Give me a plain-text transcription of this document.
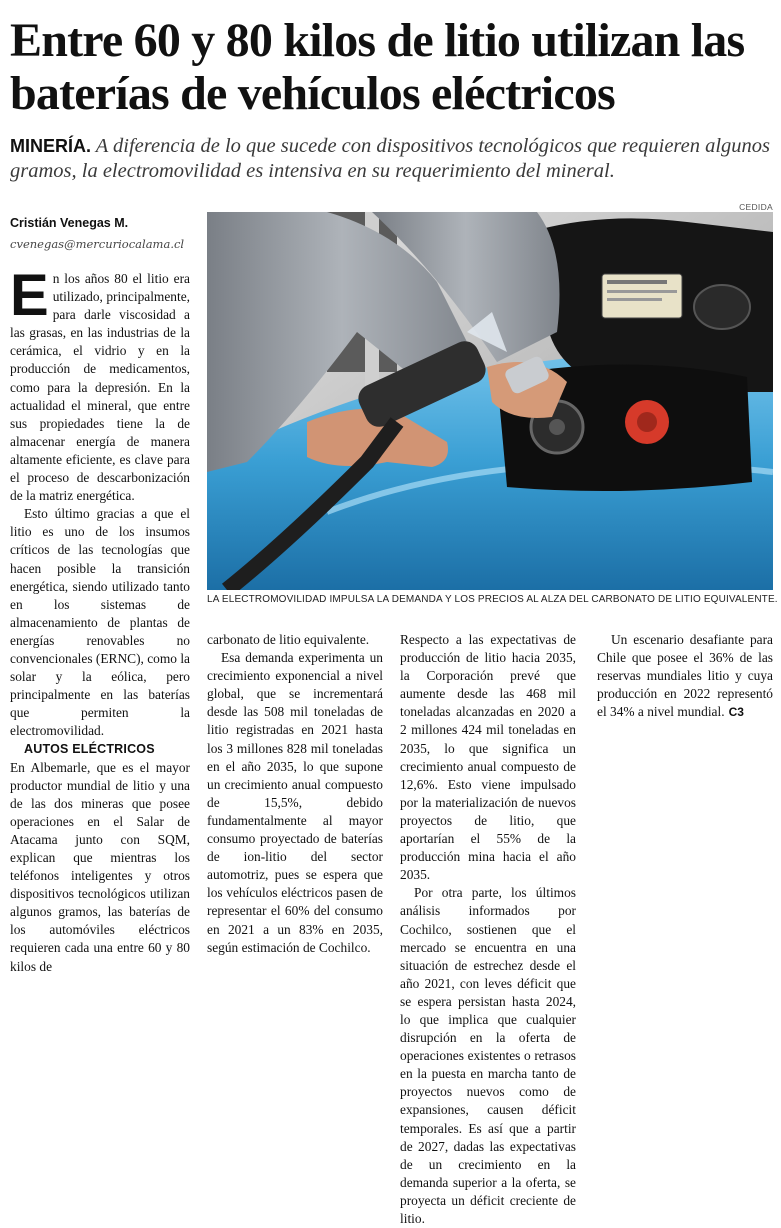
Entre 60 y 80 kilos de litio utilizan las baterías de vehículos eléctricos

MINERÍA. A diferencia de lo que sucede con dispositivos tecnológicos que requieren algunos gramos, la electromovilidad es intensiva en su requerimiento del mineral.

Cristián Venegas M.
cvenegas@mercuriocalama.cl
CEDIDA
LA ELECTROMOVILIDAD IMPULSA LA DEMANDA Y LOS PRECIOS AL ALZA DEL CARBONATO DE LITIO EQUIVALENTE.

En los años 80 el litio era utilizado, principalmente, para darle viscosidad a las grasas, en las industrias de la cerámica, el vidrio y en la producción de medicamentos, como para la depresión. En la actualidad el mineral, que entre sus propiedades tiene la de almacenar energía de manera altamente eficiente, es clave para el proceso de descarbonización de la matriz energética.

Esto último gracias a que el litio es uno de los insumos críticos de las tecnologías que hacen posible la transición energética, siendo utilizado tanto en los sistemas de almacenamiento de plantas de energías renovables no convencionales (ERNC), como la solar y la eólica, pero principalmente en las baterías que permiten la electromovilidad.

AUTOS ELÉCTRICOS

En Albemarle, que es el mayor productor mundial de litio y una de las dos mineras que posee operaciones en el Salar de Atacama junto con SQM, explican que mientras los teléfonos inteligentes y otros dispositivos tecnológicos utilizan algunos gramos, las baterías de los automóviles eléctricos requieren cada una entre 60 y 80 kilos de

carbonato de litio equivalente.

Esa demanda experimenta un crecimiento exponencial a nivel global, que se incrementará desde las 508 mil toneladas de litio registradas en 2021 hasta los 3 millones 828 mil toneladas en el año 2035, lo que supone un crecimiento anual compuesto de 15,5%, debido fundamentalmente al mayor consumo proyectado de baterías de ion-litio del sector automotriz, pues se espera que los vehículos eléctricos pasen de representar el 60% del consumo en 2021 a un 83% en 2035, según estimación de Cochilco.

Respecto a las expectativas de producción de litio hacia 2035, la Corporación prevé que aumente desde las 468 mil toneladas alcanzadas en 2020 a 2 millones 424 mil toneladas en 2035, lo que significa un crecimiento anual compuesto de 12,6%. Esto viene impulsado por la materialización de nuevos proyectos de litio, que aportarían el 55% de la producción mina hacia el año 2035.

Por otra parte, los últimos análisis informados por Cochilco, sostienen que el mercado se encuentra en una situación de estrechez desde el año 2021, con leves déficit que se espera persistan hasta 2024, lo que implica que cualquier disrupción en la oferta de operaciones existentes o retrasos en la puesta en marcha tanto de proyectos nuevos como de expansiones, causen déficit temporales. Es así que a partir de 2027, dadas las expectativas de un crecimiento en la demanda superior a la oferta, se proyecta un déficit creciente de litio.

Un escenario desafiante para Chile que posee el 36% de las reservas mundiales litio y cuya producción en 2022 representó el 34% a nivel mundial. C3
